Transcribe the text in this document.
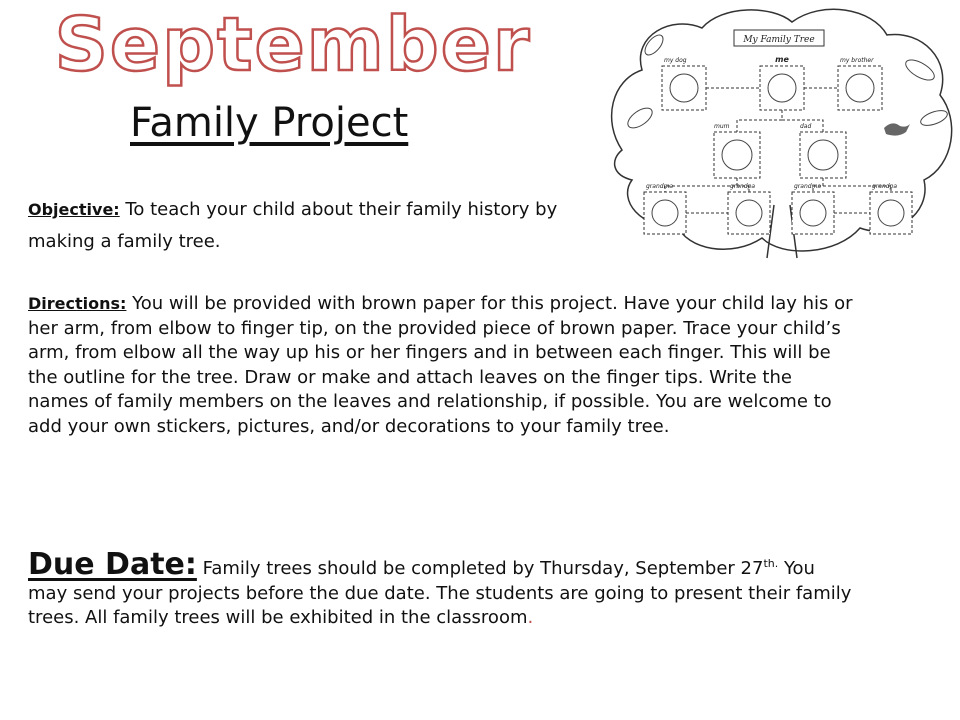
September
Family Project
Objective: To teach your child about their family history by making a family tree.
Directions: You will be provided with brown paper for this project. Have your child lay his or her arm, from elbow to finger tip, on the provided piece of brown paper. Trace your child’s arm, from elbow all the way up his or her fingers and in between each finger. This will be the outline for the tree. Draw or make and attach leaves on the finger tips. Write the names of family members on the leaves and relationship, if possible. You are welcome to add your own stickers, pictures, and/or decorations to your family tree.
Due Date: Family trees should be completed by Thursday, September $27^{th.}$ You may send your projects before the due date. The students are going to present their family trees. All family trees will be exhibited in the classroom.
My Family Tree
my dog	me	my brother
mum	dad
grandma	grandpa	grandma	grandpa
